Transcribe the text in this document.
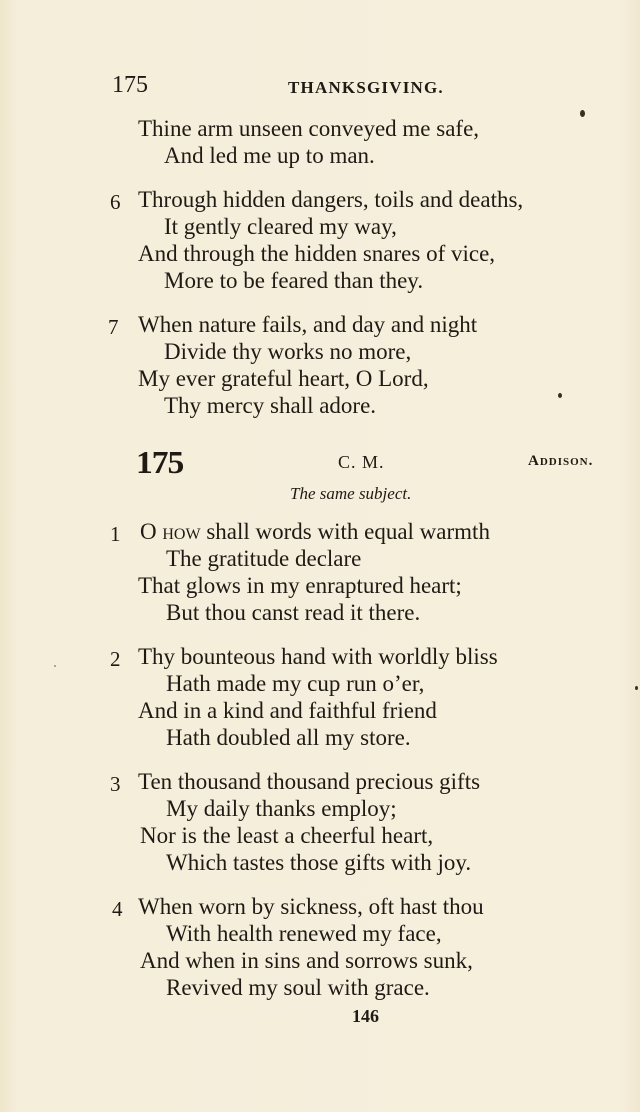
175	THANKSGIVING.
Thine arm unseen conveyed me safe,
And led me up to man.
6 Through hidden dangers, toils and deaths,
It gently cleared my way,
And through the hidden snares of vice,
More to be feared than they.
7 When nature fails, and day and night
Divide thy works no more,
My ever grateful heart, O Lord,
Thy mercy shall adore.
175	C. M.	Addison.
The same subject.
1 O how shall words with equal warmth
The gratitude declare
That glows in my enraptured heart;
But thou canst read it there.
2 Thy bounteous hand with worldly bliss
Hath made my cup run o’er,
And in a kind and faithful friend
Hath doubled all my store.
3 Ten thousand thousand precious gifts
My daily thanks employ;
Nor is the least a cheerful heart,
Which tastes those gifts with joy.
4 When worn by sickness, oft hast thou
With health renewed my face,
And when in sins and sorrows sunk,
Revived my soul with grace.
146
